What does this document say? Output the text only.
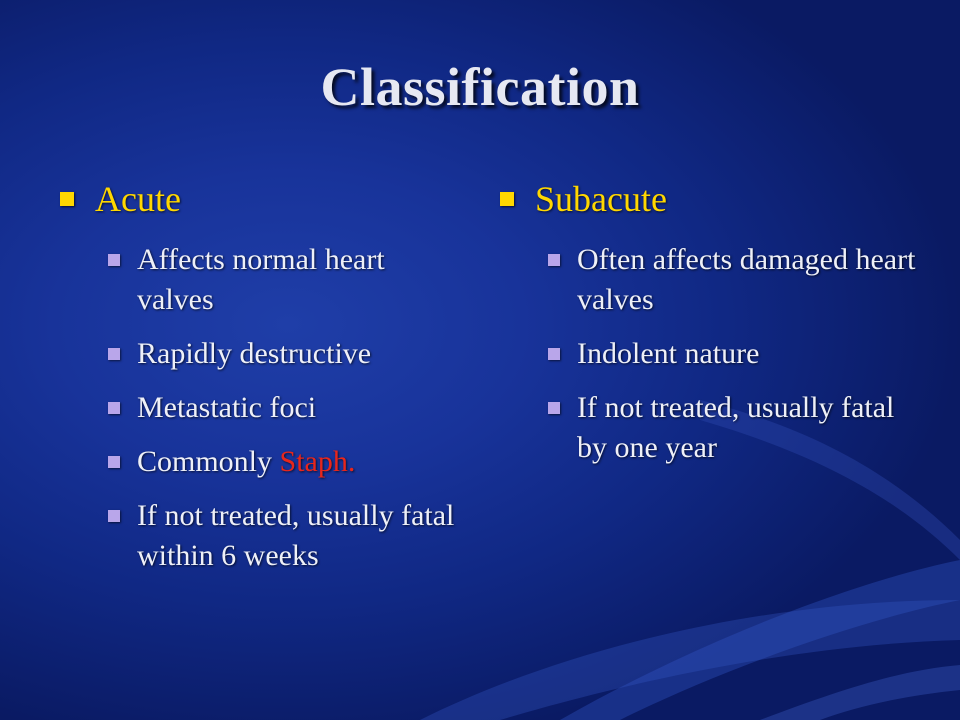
Classification
Acute
Affects normal heart valves
Rapidly destructive
Metastatic foci
Commonly Staph.
If not treated, usually fatal within 6 weeks
Subacute
Often affects damaged heart valves
Indolent nature
If not treated, usually fatal by one year
